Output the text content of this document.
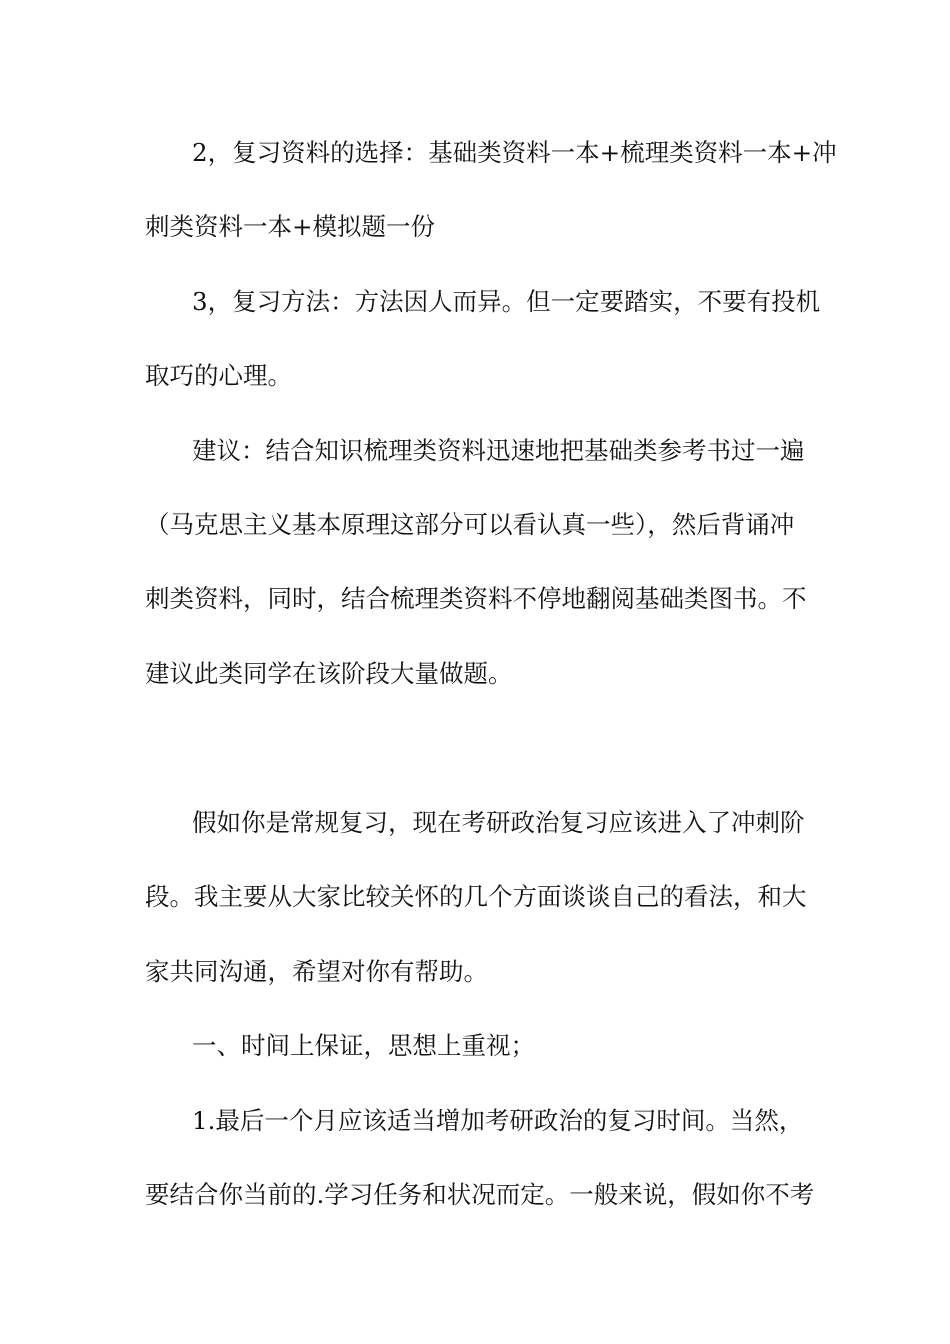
2，复习资料的选择：基础类资料一本+梳理类资料一本+冲
刺类资料一本+模拟题一份
3，复习方法：方法因人而异。但一定要踏实，不要有投机
取巧的心理。
建议：结合知识梳理类资料迅速地把基础类参考书过一遍
（马克思主义基本原理这部分可以看认真一些），然后背诵冲
刺类资料，同时，结合梳理类资料不停地翻阅基础类图书。不
建议此类同学在该阶段大量做题。
假如你是常规复习，现在考研政治复习应该进入了冲刺阶
段。我主要从大家比较关怀的几个方面谈谈自己的看法，和大
家共同沟通，希望对你有帮助。
一、时间上保证，思想上重视；
1.最后一个月应该适当增加考研政治的复习时间。当然，
要结合你当前的.学习任务和状况而定。一般来说，假如你不考
